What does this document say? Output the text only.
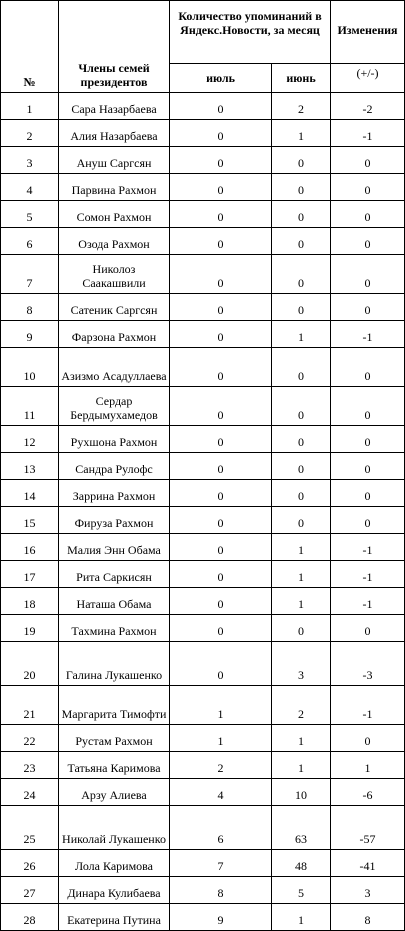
№	Члены семей президентов	Количество упоминаний в Яндекс.Новости, за месяц		Изменения
		июль	июнь	(+/-)
1	Сара Назарбаева	0	2	-2
2	Алия Назарбаева	0	1	-1
3	Ануш Саргсян	0	0	0
4	Парвина Рахмон	0	0	0
5	Сомон Рахмон	0	0	0
6	Озода Рахмон	0	0	0
7	Николоз Саакашвили	0	0	0
8	Сатеник Саргсян	0	0	0
9	Фарзона Рахмон	0	1	-1
10	Азизмо Асадуллаева	0	0	0
11	Сердар Бердымухамедов	0	0	0
12	Рухшона Рахмон	0	0	0
13	Сандра Рулофс	0	0	0
14	Заррина Рахмон	0	0	0
15	Фируза Рахмон	0	0	0
16	Малия Энн Обама	0	1	-1
17	Рита Саркисян	0	1	-1
18	Наташа Обама	0	1	-1
19	Тахмина Рахмон	0	0	0
20	Галина Лукашенко	0	3	-3
21	Маргарита Тимофти	1	2	-1
22	Рустам Рахмон	1	1	0
23	Татьяна Каримова	2	1	1
24	Арзу Алиева	4	10	-6
25	Николай Лукашенко	6	63	-57
26	Лола Каримова	7	48	-41
27	Динара Кулибаева	8	5	3
28	Екатерина Путина	9	1	8
